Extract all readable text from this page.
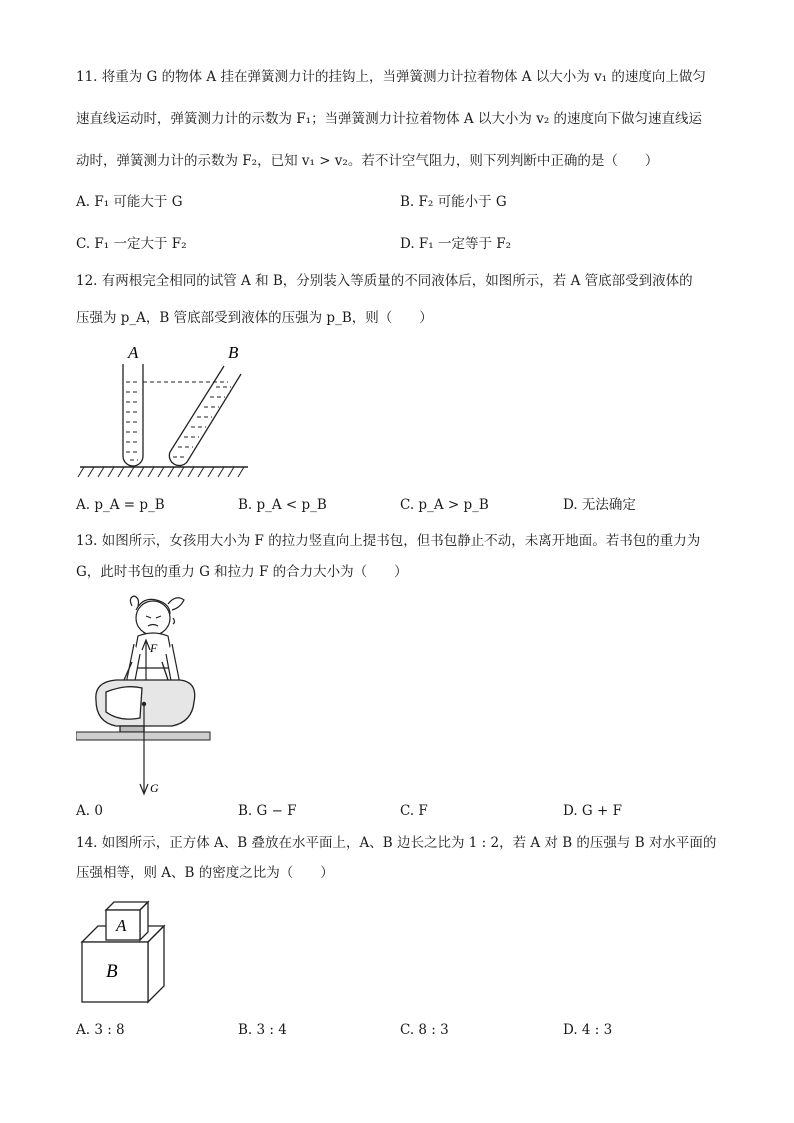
11. 将重为 G 的物体 A 挂在弹簧测力计的挂钩上，当弹簧测力计拉着物体 A 以大小为 v₁ 的速度向上做匀
速直线运动时，弹簧测力计的示数为 F₁；当弹簧测力计拉着物体 A 以大小为 v₂ 的速度向下做匀速直线运
动时，弹簧测力计的示数为 F₂，已知 v₁ > v₂。若不计空气阻力，则下列判断中正确的是（　　）
A. F₁ 可能大于 G	B. F₂ 可能小于 G
C. F₁ 一定大于 F₂	D. F₁ 一定等于 F₂
12. 有两根完全相同的试管 A 和 B，分别装入等质量的不同液体后，如图所示，若 A 管底部受到液体的
压强为 p_A，B 管底部受到液体的压强为 p_B，则（　　）
A	B
A. p_A = p_B	B. p_A < p_B	C. p_A > p_B	D. 无法确定
13. 如图所示，女孩用大小为 F 的拉力竖直向上提书包，但书包静止不动，未离开地面。若书包的重力为
G，此时书包的重力 G 和拉力 F 的合力大小为（　　）
F
G
A. 0	B. G − F	C. F	D. G + F
14. 如图所示，正方体 A、B 叠放在水平面上，A、B 边长之比为 1 : 2，若 A 对 B 的压强与 B 对水平面的
压强相等，则 A、B 的密度之比为（　　）
B
A
A. 3 : 8	B. 3 : 4	C. 8 : 3	D. 4 : 3
